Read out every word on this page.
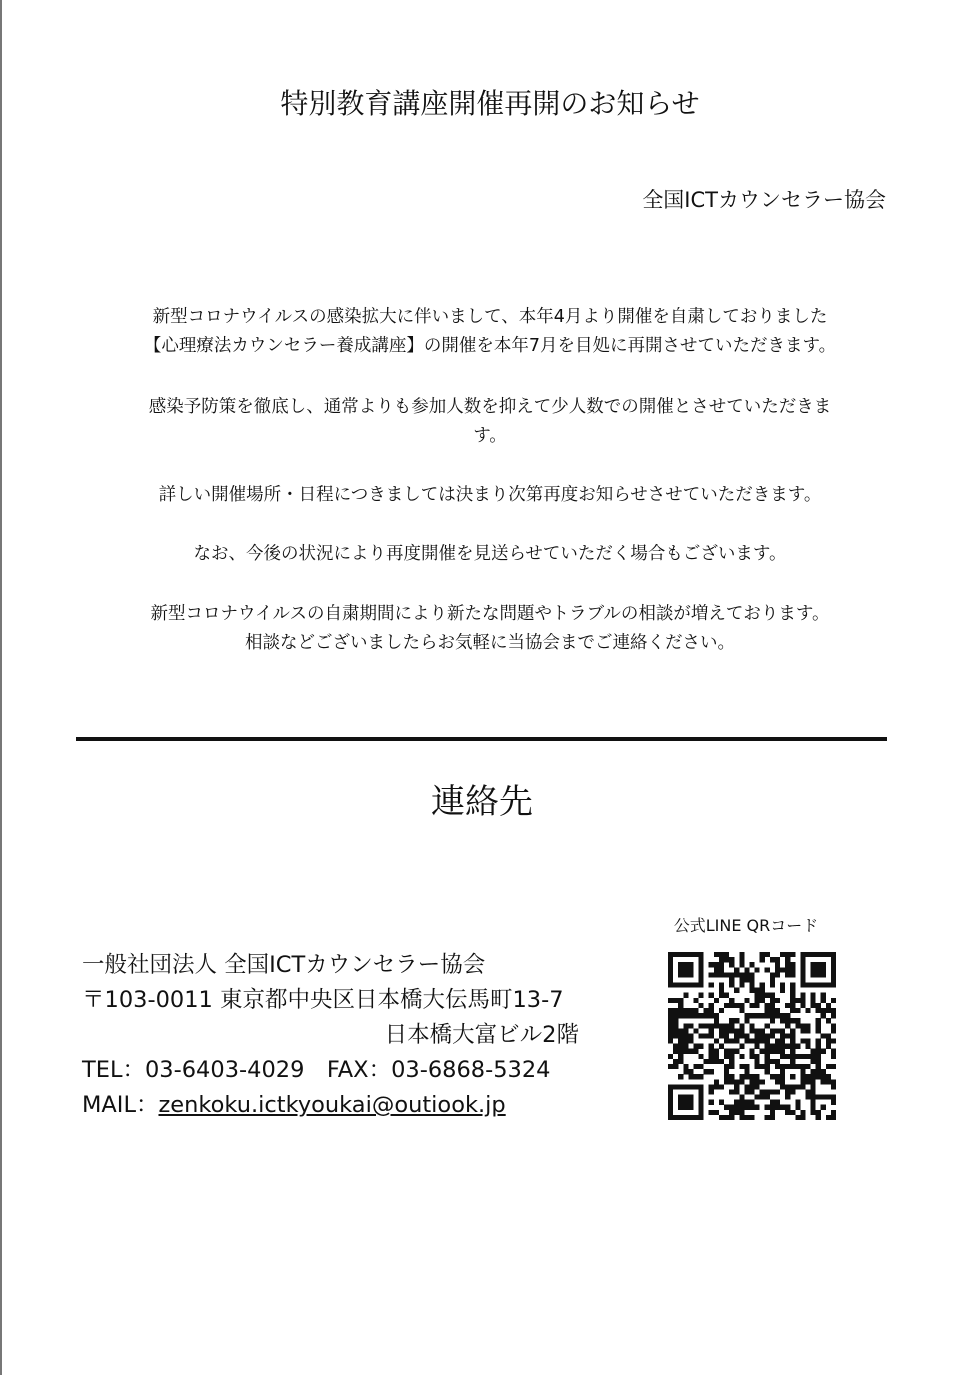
特別教育講座開催再開のお知らせ
全国ICTカウンセラー協会
新型コロナウイルスの感染拡大に伴いまして、本年4月より開催を自粛しておりました
【心理療法カウンセラー養成講座】の開催を本年7月を目処に再開させていただきます。
感染予防策を徹底し、通常よりも参加人数を抑えて少人数での開催とさせていただきま
す。
詳しい開催場所・日程につきましては決まり次第再度お知らせさせていただきます。
なお、今後の状況により再度開催を見送らせていただく場合もございます。
新型コロナウイルスの自粛期間により新たな問題やトラブルの相談が増えております。
相談などございましたらお気軽に当協会までご連絡ください。
連絡先
一般社団法人 全国ICTカウンセラー協会
〒103-0011 東京都中央区日本橋大伝馬町13-7
日本橋大富ビル2階
TEL：03-6403-4029　FAX：03-6868-5324
MAIL：zenkoku.ictkyoukai@outiook.jp
公式LINE QRコード
